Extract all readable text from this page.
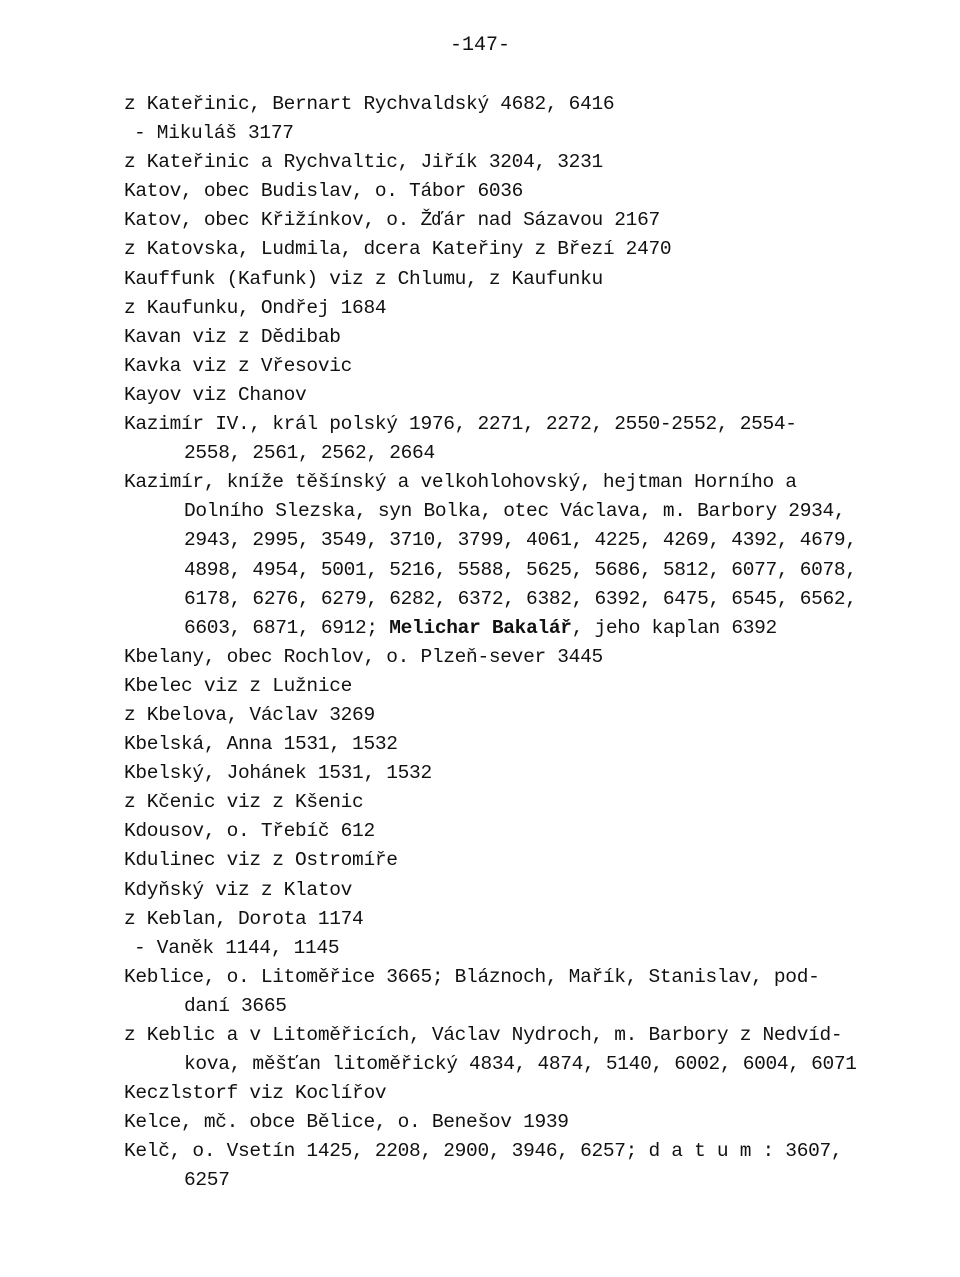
-147-
z Kateřinic, Bernart Rychvaldský 4682, 6416
- Mikuláš 3177
z Kateřinic a Rychvaltic, Jiřík 3204, 3231
Katov, obec Budislav, o. Tábor 6036
Katov, obec Křižínkov, o. Žďár nad Sázavou 2167
z Katovska, Ludmila, dcera Kateřiny z Březí 2470
Kauffunk (Kafunk) viz z Chlumu, z Kaufunku
z Kaufunku, Ondřej 1684
Kavan viz z Dědibab
Kavka viz z Vřesovic
Kayov viz Chanov
Kazimír IV., král polský 1976, 2271, 2272, 2550-2552, 2554-
2558, 2561, 2562, 2664
Kazimír, kníže těšínský a velkohlohovský, hejtman Horního a
Dolního Slezska, syn Bolka, otec Václava, m. Barbory 2934,
2943, 2995, 3549, 3710, 3799, 4061, 4225, 4269, 4392, 4679,
4898, 4954, 5001, 5216, 5588, 5625, 5686, 5812, 6077, 6078,
6178, 6276, 6279, 6282, 6372, 6382, 6392, 6475, 6545, 6562,
6603, 6871, 6912; Melichar Bakalář, jeho kaplan 6392
Kbelany, obec Rochlov, o. Plzeň-sever 3445
Kbelec viz z Lužnice
z Kbelova, Václav 3269
Kbelská, Anna 1531, 1532
Kbelský, Johánek 1531, 1532
z Kčenic viz z Kšenic
Kdousov, o. Třebíč 612
Kdulinec viz z Ostromíře
Kdyňský viz z Klatov
z Keblan, Dorota 1174
- Vaněk 1144, 1145
Keblice, o. Litoměřice 3665; Bláznoch, Mařík, Stanislav, pod-
daní 3665
z Keblic a v Litoměřicích, Václav Nydroch, m. Barbory z Nedvíd-
kova, měšťan litoměřický 4834, 4874, 5140, 6002, 6004, 6071
Keczlstorf viz Koclířov
Kelce, mč. obce Bělice, o. Benešov 1939
Kelč, o. Vsetín 1425, 2208, 2900, 3946, 6257; d a t u m : 3607,
6257
